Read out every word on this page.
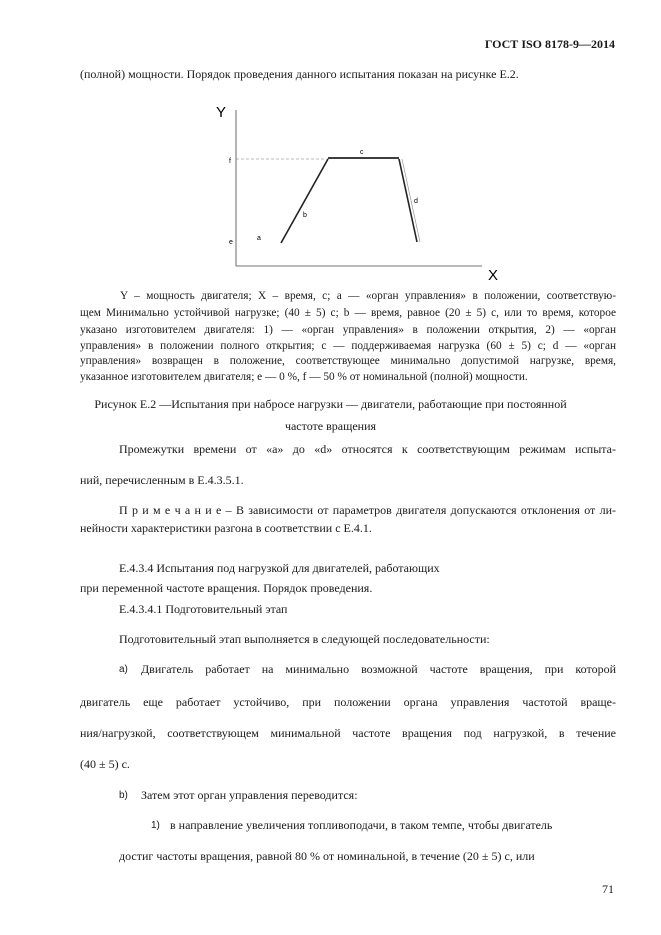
ГОСТ ISO 8178-9—2014
(полной) мощности. Порядок проведения данного испытания показан на рисунке Е.2.
Y
X
f
e
a
b
c
d
Y – мощность двигателя; X – время, с; a — «орган управления» в положении, соответствую-
щем Минимально устойчивой нагрузке; (40 ± 5) с; b — время, равное (20 ± 5) с, или то время, которое
указано изготовителем двигателя: 1) — «орган управления» в положении открытия, 2) — «орган
управления» в положении полного открытия; c — поддерживаемая нагрузка (60 ± 5) с; d — «орган
управления» возвращен в положение, соответствующее минимально допустимой нагрузке, время,
указанное изготовителем двигателя; e — 0 %, f — 50 % от номинальной (полной) мощности.
Рисунок Е.2 —Испытания при набросе нагрузки — двигатели, работающие при постоянной
частоте вращения
Промежутки времени от «a» до «d» относятся к соответствующим режимам испыта-
ний, перечисленным в Е.4.3.5.1.
П р и м е ч а н и е – В зависимости от параметров двигателя допускаются отклонения от ли-
нейности характеристики разгона в соответствии с Е.4.1.
Е.4.3.4 Испытания под нагрузкой для двигателей, работающих
при переменной частоте вращения. Порядок проведения.
Е.4.3.4.1 Подготовительный этап
Подготовительный этап выполняется в следующей последовательности:
a) Двигатель работает на минимально возможной частоте вращения, при которой
двигатель еще работает устойчиво, при положении органа управления частотой враще-
ния/нагрузкой, соответствующем минимальной частоте вращения под нагрузкой, в течение
(40 ± 5) с.
b) Затем этот орган управления переводится:
1) в направление увеличения топливоподачи, в таком темпе, чтобы двигатель
достиг частоты вращения, равной 80 % от номинальной, в течение (20 ± 5) с, или
71
